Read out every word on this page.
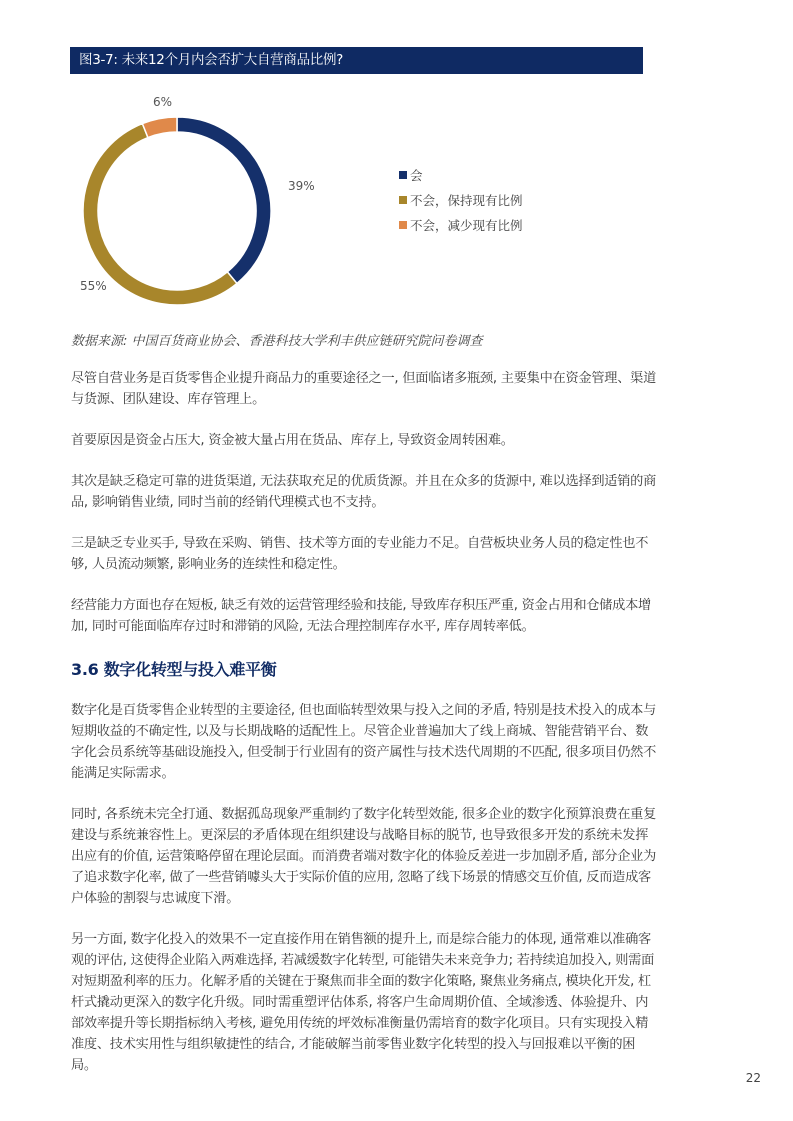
图3-7: 未来12个月内会否扩大自营商品比例?
39%
55%
6%
会
不会，保持现有比例
不会，减少现有比例
数据来源: 中国百货商业协会、香港科技大学利丰供应链研究院问卷调查

尽管自营业务是百货零售企业提升商品力的重要途径之一, 但面临诸多瓶颈, 主要集中在资金管理、渠道与货源、团队建设、库存管理上。

首要原因是资金占压大, 资金被大量占用在货品、库存上, 导致资金周转困难。

其次是缺乏稳定可靠的进货渠道, 无法获取充足的优质货源。并且在众多的货源中, 难以选择到适销的商品, 影响销售业绩, 同时当前的经销代理模式也不支持。

三是缺乏专业买手, 导致在采购、销售、技术等方面的专业能力不足。自营板块业务人员的稳定性也不够, 人员流动频繁, 影响业务的连续性和稳定性。

经营能力方面也存在短板, 缺乏有效的运营管理经验和技能, 导致库存积压严重, 资金占用和仓储成本增加, 同时可能面临库存过时和滞销的风险, 无法合理控制库存水平, 库存周转率低。

3.6 数字化转型与投入难平衡

数字化是百货零售企业转型的主要途径, 但也面临转型效果与投入之间的矛盾, 特别是技术投入的成本与短期收益的不确定性, 以及与长期战略的适配性上。尽管企业普遍加大了线上商城、智能营销平台、数字化会员系统等基础设施投入, 但受制于行业固有的资产属性与技术迭代周期的不匹配, 很多项目仍然不能满足实际需求。

同时, 各系统未完全打通、数据孤岛现象严重制约了数字化转型效能, 很多企业的数字化预算浪费在重复建设与系统兼容性上。更深层的矛盾体现在组织建设与战略目标的脱节, 也导致很多开发的系统未发挥出应有的价值, 运营策略停留在理论层面。而消费者端对数字化的体验反差进一步加剧矛盾, 部分企业为了追求数字化率, 做了一些营销噱头大于实际价值的应用, 忽略了线下场景的情感交互价值, 反而造成客户体验的割裂与忠诚度下滑。

另一方面, 数字化投入的效果不一定直接作用在销售额的提升上, 而是综合能力的体现, 通常难以准确客观的评估, 这使得企业陷入两难选择, 若减缓数字化转型, 可能错失未来竞争力; 若持续追加投入, 则需面对短期盈利率的压力。化解矛盾的关键在于聚焦而非全面的数字化策略, 聚焦业务痛点, 模块化开发, 杠杆式撬动更深入的数字化升级。同时需重塑评估体系, 将客户生命周期价值、全域渗透、体验提升、内部效率提升等长期指标纳入考核, 避免用传统的坪效标准衡量仍需培育的数字化项目。只有实现投入精准度、技术实用性与组织敏捷性的结合, 才能破解当前零售业数字化转型的投入与回报难以平衡的困局。

22
